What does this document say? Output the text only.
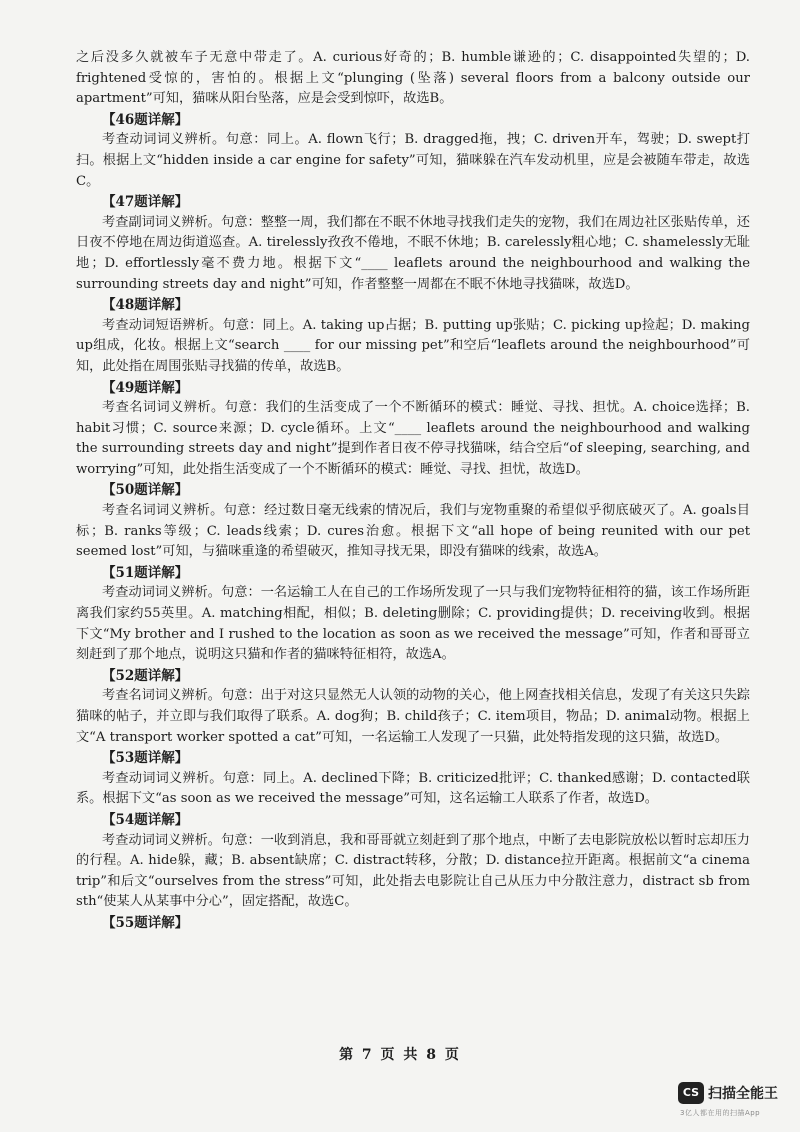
之后没多久就被车子无意中带走了。A. curious好奇的；B. humble谦逊的；C. disappointed失望的；D. frightened受惊的，害怕的。根据上文“plunging (坠落) several floors from a balcony outside our apartment”可知，猫咪从阳台坠落，应是会受到惊吓，故选B。

【46题详解】

考查动词词义辨析。句意：同上。A. flown飞行；B. dragged拖，拽；C. driven开车，驾驶；D. swept打扫。根据上文“hidden inside a car engine for safety”可知，猫咪躲在汽车发动机里，应是会被随车带走，故选C。

【47题详解】

考查副词词义辨析。句意：整整一周，我们都在不眠不休地寻找我们走失的宠物，我们在周边社区张贴传单，还日夜不停地在周边街道巡查。A. tirelessly孜孜不倦地，不眠不休地；B. carelessly粗心地；C. shamelessly无耻地；D. effortlessly毫不费力地。根据下文“____ leaflets around the neighbourhood and walking the surrounding streets day and night”可知，作者整整一周都在不眠不休地寻找猫咪，故选D。

【48题详解】

考查动词短语辨析。句意：同上。A. taking up占据；B. putting up张贴；C. picking up捡起；D. making up组成，化妆。根据上文“search ____ for our missing pet”和空后“leaflets around the neighbourhood”可知，此处指在周围张贴寻找猫的传单，故选B。

【49题详解】

考查名词词义辨析。句意：我们的生活变成了一个不断循环的模式：睡觉、寻找、担忧。A. choice选择；B. habit习惯；C. source来源；D. cycle循环。上文“____ leaflets around the neighbourhood and walking the surrounding streets day and night”提到作者日夜不停寻找猫咪，结合空后“of sleeping, searching, and worrying”可知，此处指生活变成了一个不断循环的模式：睡觉、寻找、担忧，故选D。

【50题详解】

考查名词词义辨析。句意：经过数日毫无线索的情况后，我们与宠物重聚的希望似乎彻底破灭了。A. goals目标；B. ranks等级；C. leads线索；D. cures治愈。根据下文“all hope of being reunited with our pet seemed lost”可知，与猫咪重逢的希望破灭，推知寻找无果，即没有猫咪的线索，故选A。

【51题详解】

考查动词词义辨析。句意：一名运输工人在自己的工作场所发现了一只与我们宠物特征相符的猫，该工作场所距离我们家约55英里。A. matching相配，相似；B. deleting删除；C. providing提供；D. receiving收到。根据下文“My brother and I rushed to the location as soon as we received the message”可知，作者和哥哥立刻赶到了那个地点，说明这只猫和作者的猫咪特征相符，故选A。

【52题详解】

考查名词词义辨析。句意：出于对这只显然无人认领的动物的关心，他上网查找相关信息，发现了有关这只失踪猫咪的帖子，并立即与我们取得了联系。A. dog狗；B. child孩子；C. item项目，物品；D. animal动物。根据上文“A transport worker spotted a cat”可知，一名运输工人发现了一只猫，此处特指发现的这只猫，故选D。

【53题详解】

考查动词词义辨析。句意：同上。A. declined下降；B. criticized批评；C. thanked感谢；D. contacted联系。根据下文“as soon as we received the message”可知，这名运输工人联系了作者，故选D。

【54题详解】

考查动词词义辨析。句意：一收到消息，我和哥哥就立刻赶到了那个地点，中断了去电影院放松以暂时忘却压力的行程。A. hide躲，藏；B. absent缺席；C. distract转移，分散；D. distance拉开距离。根据前文“a cinema trip”和后文“ourselves from the stress”可知，此处指去电影院让自己从压力中分散注意力，distract sb from sth“使某人从某事中分心”，固定搭配，故选C。

【55题详解】

第 7 页 共 8 页
CS 扫描全能王
3亿人都在用的扫描App
